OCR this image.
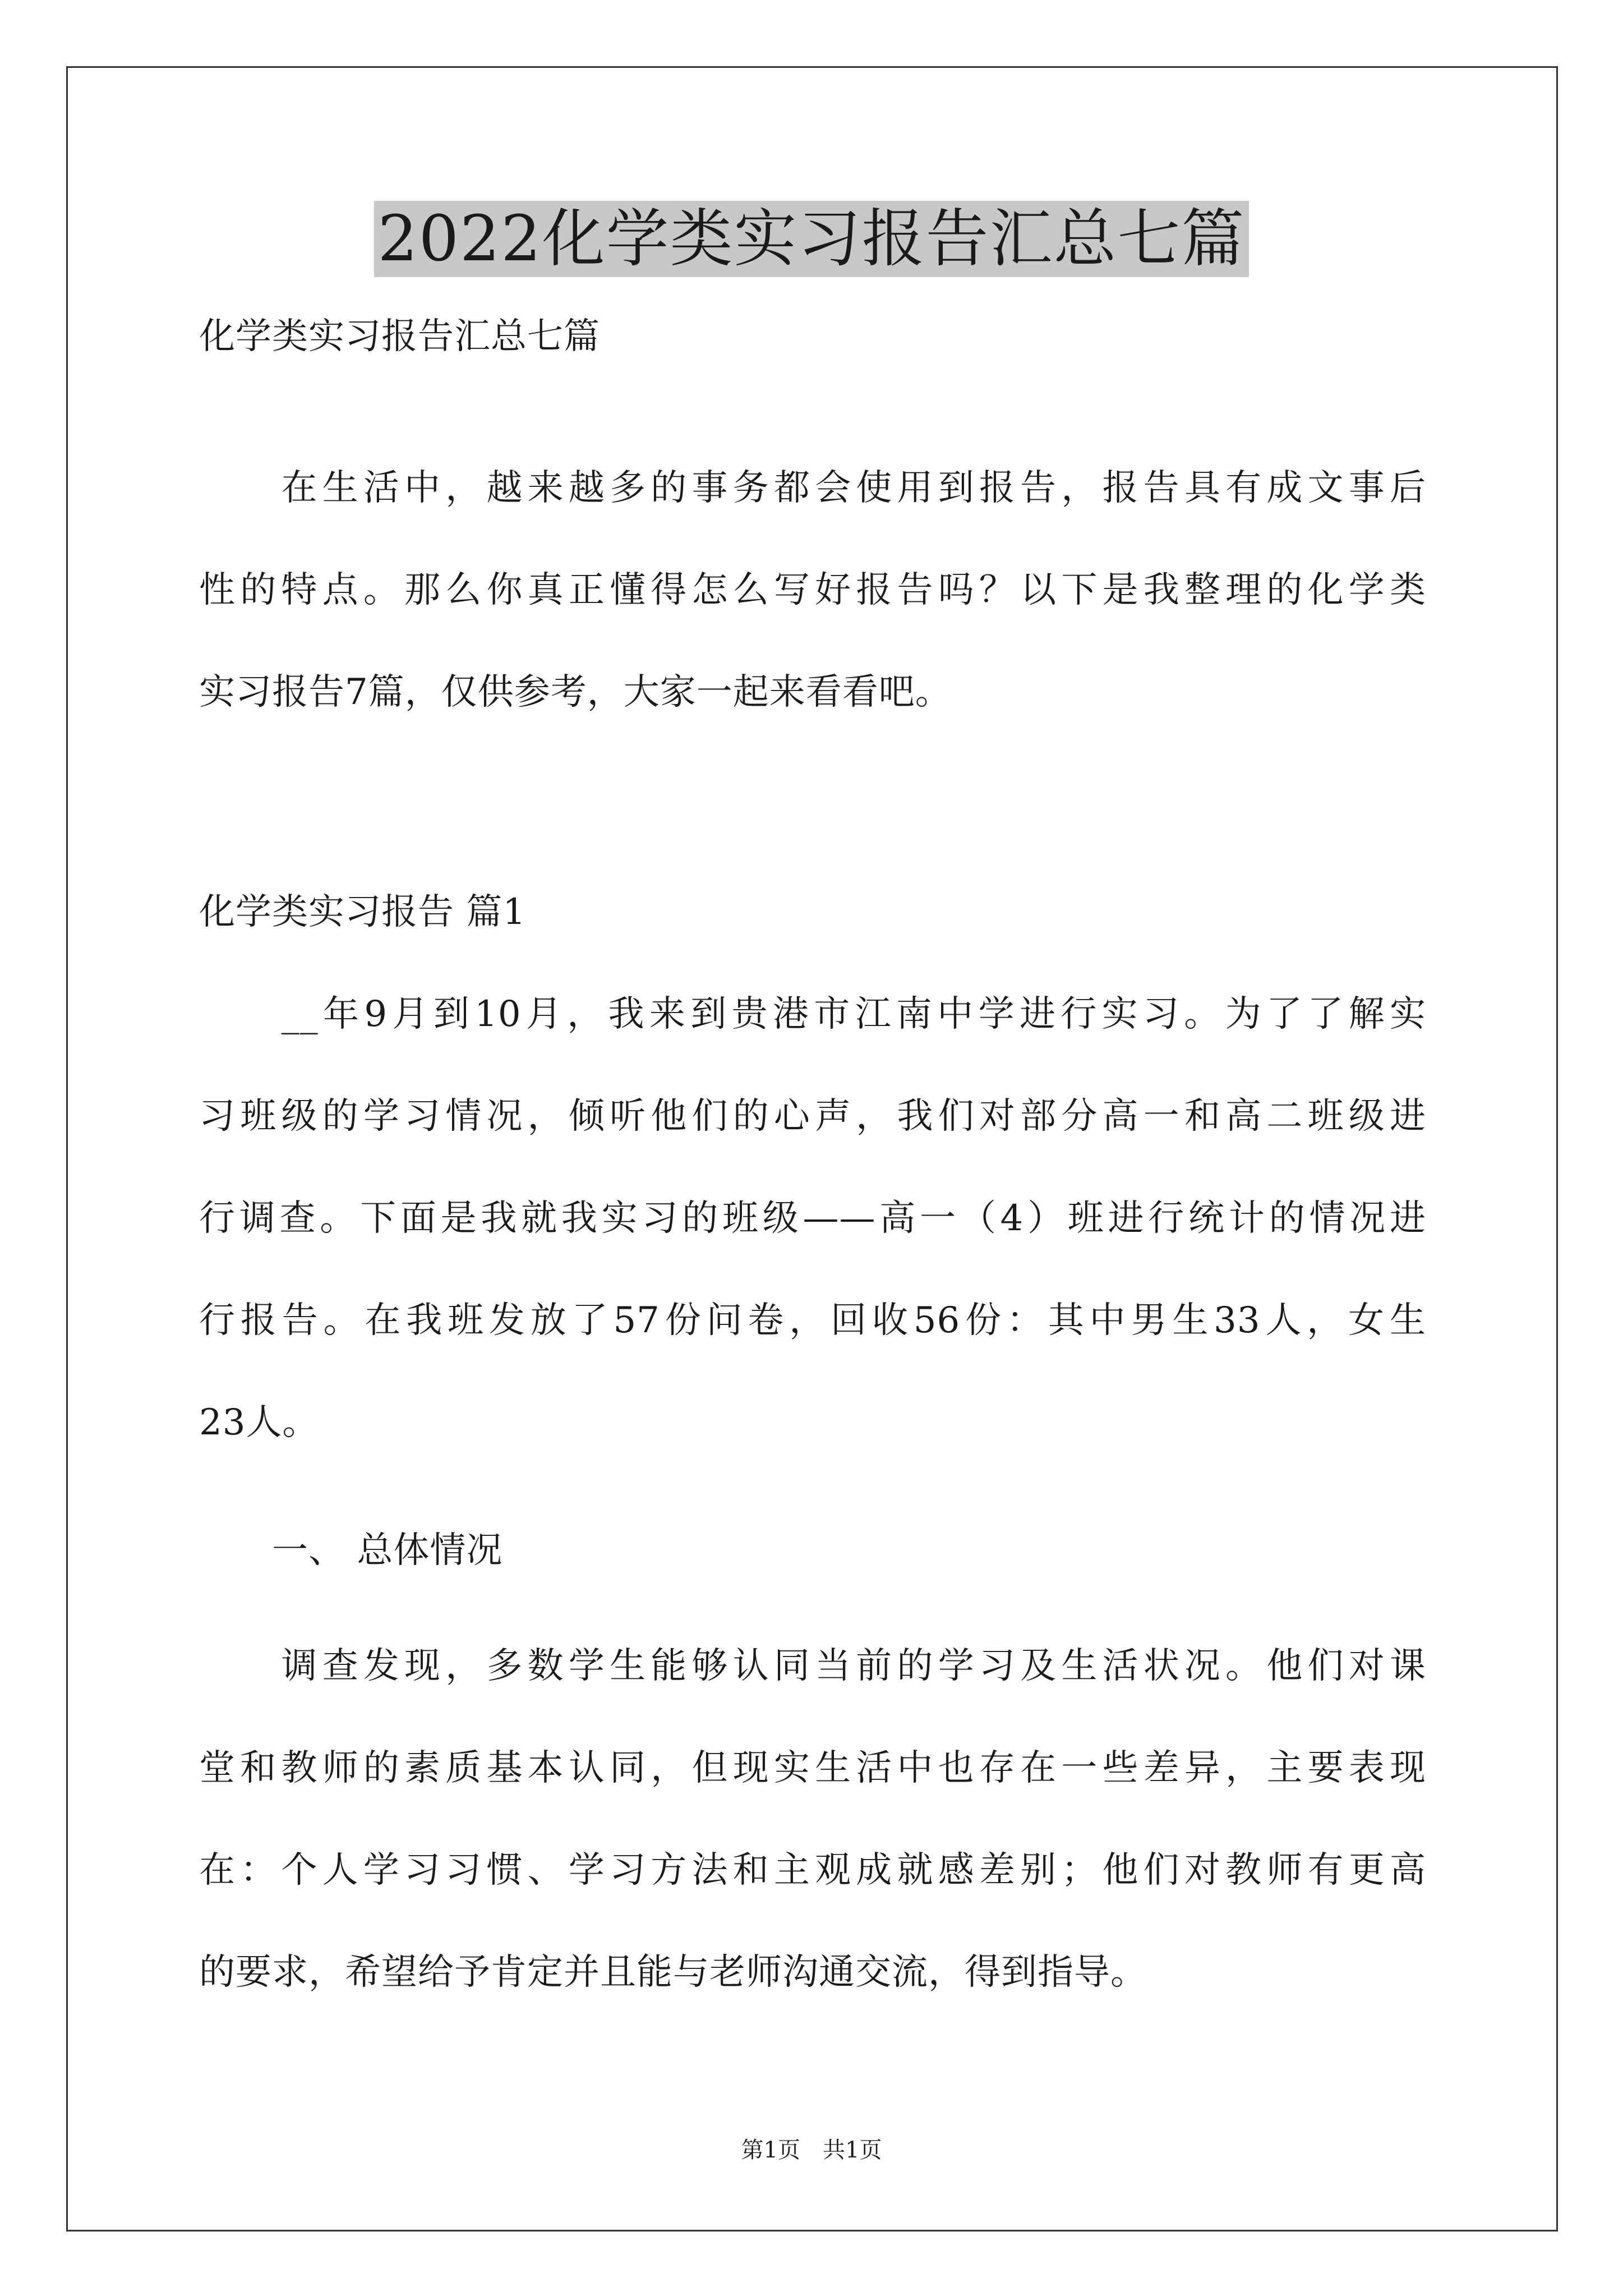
2022化学类实习报告汇总七篇
化学类实习报告汇总七篇
　　在生活中，越来越多的事务都会使用到报告，报告具有成文事后
性的特点。那么你真正懂得怎么写好报告吗？以下是我整理的化学类
实习报告7篇，仅供参考，大家一起来看看吧。
化学类实习报告 篇1
　　__年9月到10月，我来到贵港市江南中学进行实习。为了了解实
习班级的学习情况，倾听他们的心声，我们对部分高一和高二班级进
行调查。下面是我就我实习的班级——高一（4）班进行统计的情况进
行报告。在我班发放了57份问卷，回收56份：其中男生33人，女生
23人。
　　一、 总体情况
　　调查发现，多数学生能够认同当前的学习及生活状况。他们对课
堂和教师的素质基本认同，但现实生活中也存在一些差异，主要表现
在：个人学习习惯、学习方法和主观成就感差别；他们对教师有更高
的要求，希望给予肯定并且能与老师沟通交流，得到指导。
第1页　共1页
